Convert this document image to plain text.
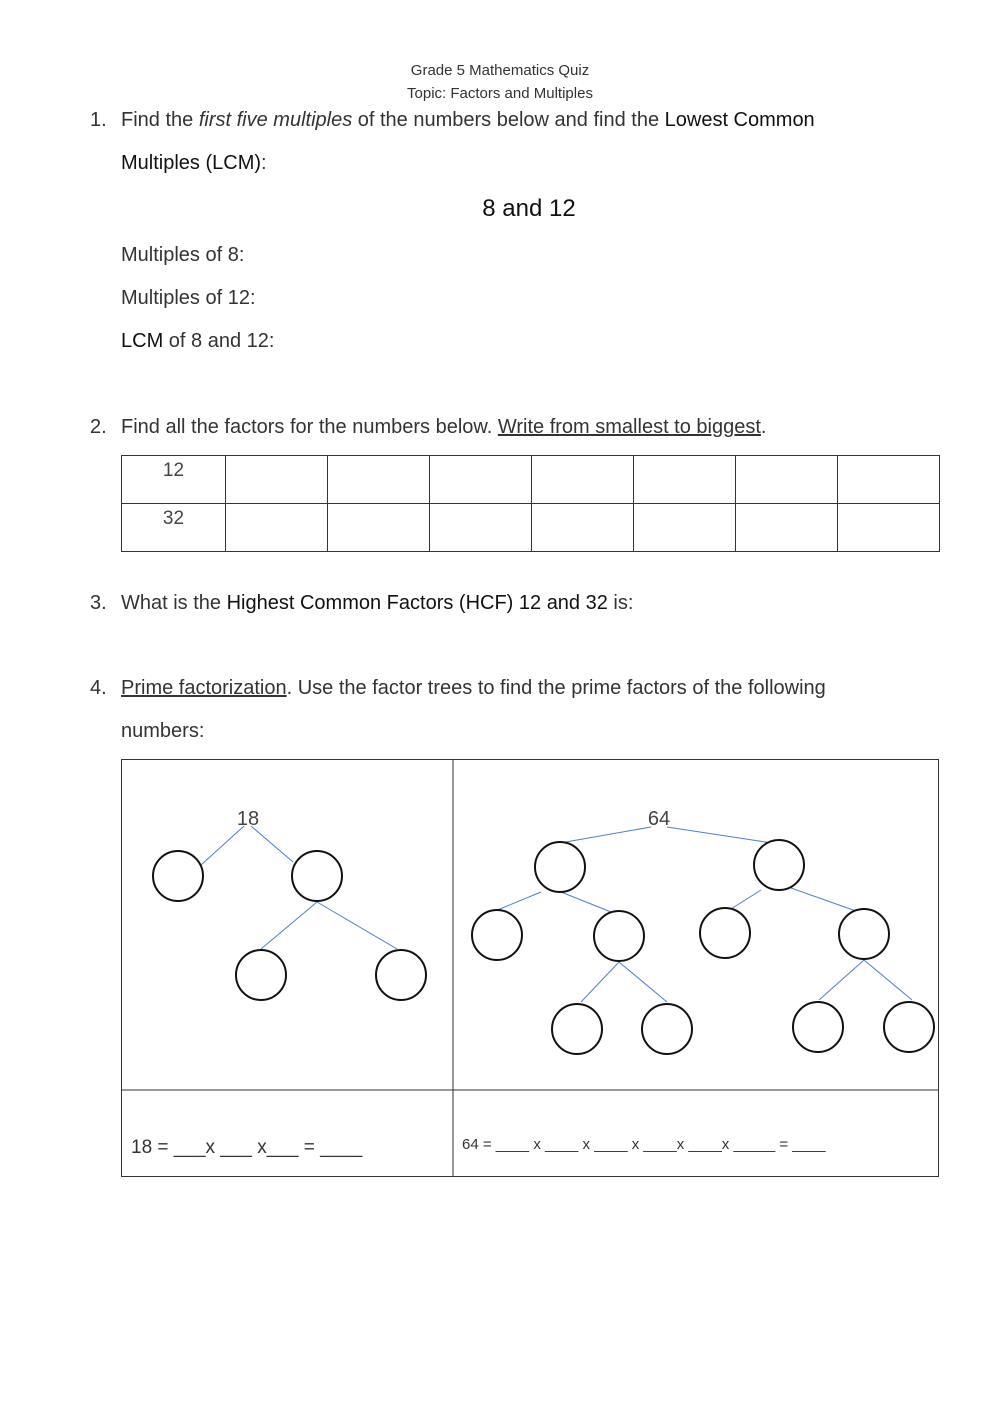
Grade 5 Mathematics Quiz
Topic: Factors and Multiples
1. Find the first five multiples of the numbers below and find the Lowest Common
Multiples (LCM):
8 and 12
Multiples of 8:
Multiples of 12:
LCM of 8 and 12:
2. Find all the factors for the numbers below. Write from smallest to biggest.
12							
32							
3. What is the Highest Common Factors (HCF) 12 and 32 is:
4. Prime factorization. Use the factor trees to find the prime factors of the following
numbers:
18	64
18 = ___x ___ x___ = ____	64 = ____ x ____ x ____ x ____x ____x _____ = ____
